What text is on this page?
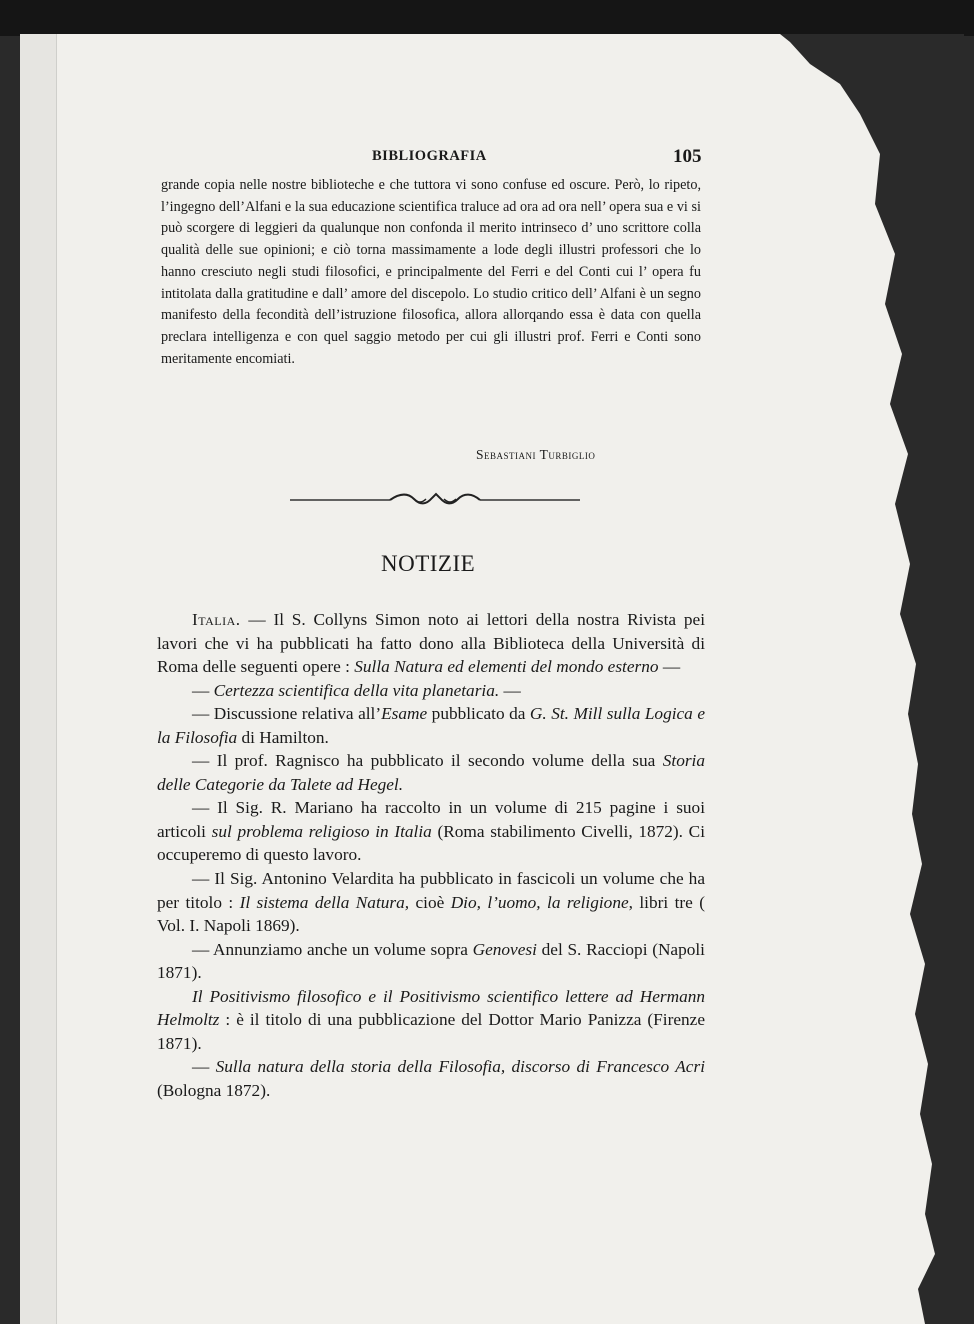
BIBLIOGRAFIA	105

grande copia nelle nostre biblioteche e che tuttora vi sono confuse ed oscure. Però, lo ripeto, l’ingegno dell’Alfani e la sua educazione scientifica traluce ad ora ad ora nell’ opera sua e vi si può scorgere di leggieri da qualunque non confonda il merito intrinseco d’ uno scrittore colla qualità delle sue opinioni; e ciò torna massimamente a lode degli illustri professori che lo hanno cresciuto negli studi filosofici, e principalmente del Ferri e del Conti cui l’ opera fu intitolata dalla gratitudine e dall’ amore del discepolo. Lo studio critico dell’ Alfani è un segno manifesto della fecondità dell’istruzione filosofica, allora allorqando essa è data con quella preclara intelligenza e con quel saggio metodo per cui gli illustri prof. Ferri e Conti sono meritamente encomiati.

Sebastiani Turbiglio
NOTIZIE

Italia. — Il S. Collyns Simon noto ai lettori della nostra Rivista pei lavori che vi ha pubblicati ha fatto dono alla Biblioteca della Università di Roma delle seguenti opere : Sulla Natura ed elementi del mondo esterno —

— Certezza scientifica della vita planetaria. —

— Discussione relativa all’Esame pubblicato da G. St. Mill sulla Logica e la Filosofia di Hamilton.

— Il prof. Ragnisco ha pubblicato il secondo volume della sua Storia delle Categorie da Talete ad Hegel.

— Il Sig. R. Mariano ha raccolto in un volume di 215 pagine i suoi articoli sul problema religioso in Italia (Roma stabilimento Civelli, 1872). Ci occuperemo di questo lavoro.

— Il Sig. Antonino Velardita ha pubblicato in fascicoli un volume che ha per titolo : Il sistema della Natura, cioè Dio, l’uomo, la religione, libri tre ( Vol. I. Napoli 1869).

— Annunziamo anche un volume sopra Genovesi del S. Racciopi (Napoli 1871).

Il Positivismo filosofico e il Positivismo scientifico lettere ad Hermann Helmoltz : è il titolo di una pubblicazione del Dottor Mario Panizza (Firenze 1871).

— Sulla natura della storia della Filosofia, discorso di Francesco Acri (Bologna 1872).
